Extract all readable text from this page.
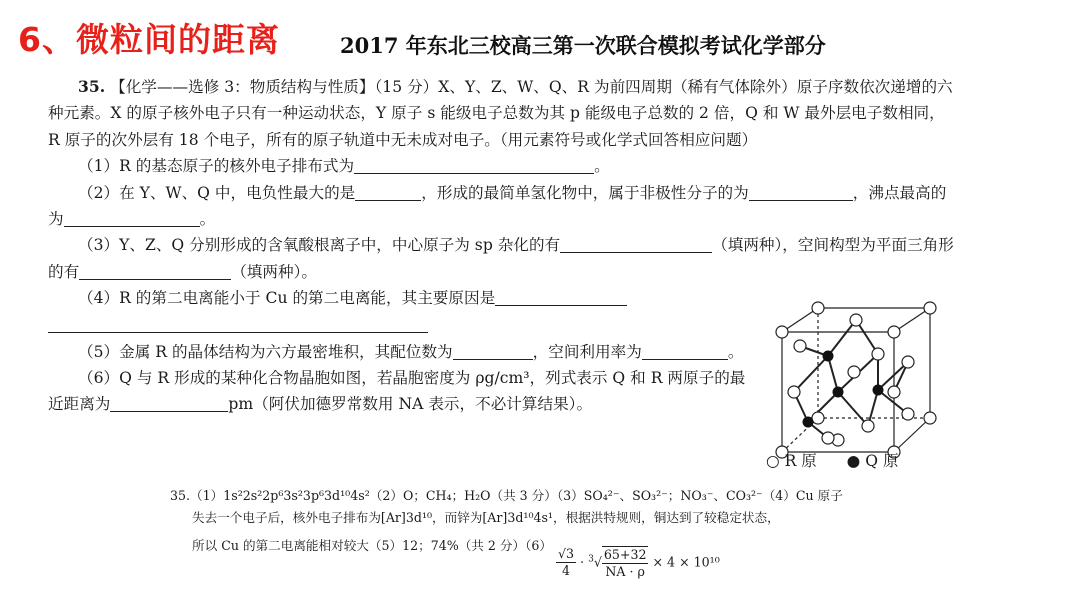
6、微粒间的距离	2017 年东北三校高三第一次联合模拟考试化学部分

35. 【化学——选修 3：物质结构与性质】（15 分）X、Y、Z、W、Q、R 为前四周期（稀有气体除外）原子序数依次递增的六种元素。X 的原子核外电子只有一种运动状态，Y 原子 s 能级电子总数为其 p 能级电子总数的 2 倍，Q 和 W 最外层电子数相同，R 原子的次外层有 18 个电子，所有的原子轨道中无未成对电子。（用元素符号或化学式回答相应问题）

（1）R 的基态原子的核外电子排布式为	。

（2）在 Y、W、Q 中，电负性最大的是	，形成的最简单氢化物中，属于非极性分子的为	，沸点最高的为	。

（3）Y、Z、Q 分别形成的含氧酸根离子中，中心原子为 sp 杂化的有	（填两种），空间构型为平面三角形的有	（填两种）。

（4）R 的第二电离能小于 Cu 的第二电离能，其主要原因是

（5）金属 R 的晶体结构为六方最密堆积，其配位数为	，空间利用率为	。

（6）Q 与 R 形成的某种化合物晶胞如图，若晶胞密度为 ρg/cm³，列式表示 Q 和 R 两原子的最近距离为	pm（阿伏加德罗常数用 NA 表示，不必计算结果）。

○ R 原 ● Q 原

35.（1）1s²2s²2p⁶3s²3p⁶3d¹⁰4s²（2）O；CH₄；H₂O（共 3 分）（3）SO₄²⁻、SO₃²⁻；NO₃⁻、CO₃²⁻（4）Cu 原子

失去一个电子后，核外电子排布为[Ar]3d¹⁰，而锌为[Ar]3d¹⁰4s¹，根据洪特规则，铜达到了较稳定状态，

所以 Cu 的第二电离能相对较大（5）12；74%（共 2 分）（6）
$\frac{√3}{4} \cdot ^3√ \frac{65+32}{NA \cdot \rho} \times 4 \times 10^{10}$
